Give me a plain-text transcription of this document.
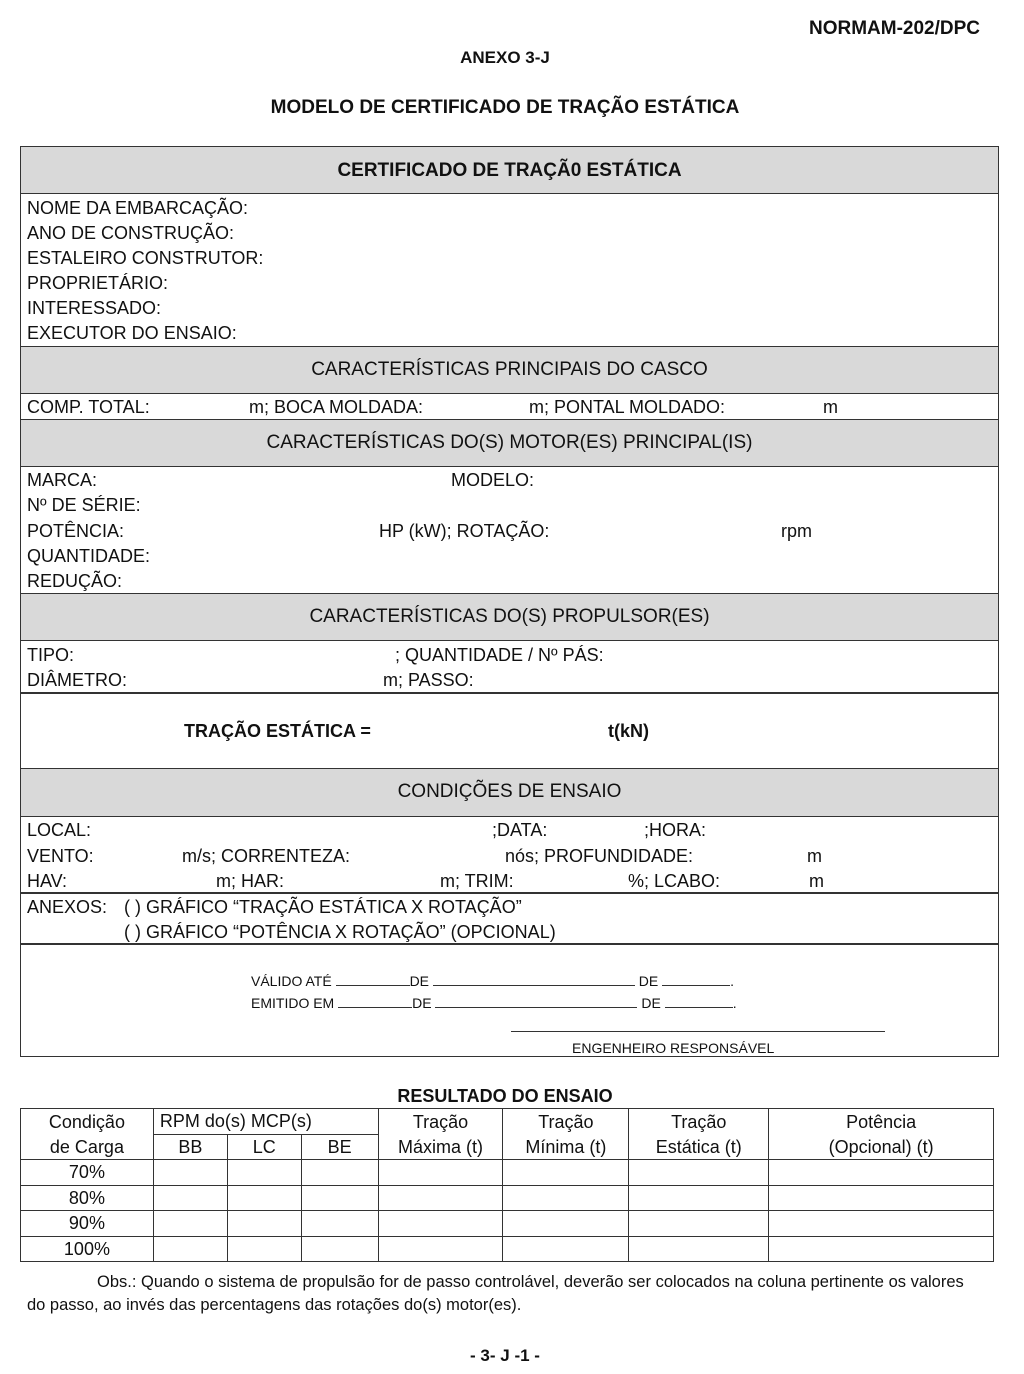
NORMAM-202/DPC
ANEXO 3-J
MODELO DE CERTIFICADO DE TRAÇÃO ESTÁTICA
CERTIFICADO DE TRAÇÃ0 ESTÁTICA
NOME DA EMBARCAÇÃO:
ANO DE CONSTRUÇÃO:
ESTALEIRO CONSTRUTOR:
PROPRIETÁRIO:
INTERESSADO:
EXECUTOR DO ENSAIO:
CARACTERÍSTICAS PRINCIPAIS DO CASCO
COMP. TOTAL:	m; BOCA MOLDADA:	m; PONTAL MOLDADO:	m
CARACTERÍSTICAS DO(S) MOTOR(ES) PRINCIPAL(IS)
MARCA:	MODELO:
Nº DE SÉRIE:
POTÊNCIA:	HP (kW); ROTAÇÃO:	rpm
QUANTIDADE:
REDUÇÃO:
CARACTERÍSTICAS DO(S) PROPULSOR(ES)
TIPO:	; QUANTIDADE / Nº PÁS:
DIÂMETRO:	m; PASSO:
TRAÇÃO ESTÁTICA =	t(kN)
CONDIÇÕES DE ENSAIO
LOCAL:	;DATA:	;HORA:
VENTO:	m/s; CORRENTEZA:	nós; PROFUNDIDADE:	m
HAV:	m; HAR:	m; TRIM:	%; LCABO:	m
ANEXOS: ( ) GRÁFICO “TRAÇÃO ESTÁTICA X ROTAÇÃO”
( ) GRÁFICO “POTÊNCIA X ROTAÇÃO” (OPCIONAL)
VÁLIDO ATÉ	DE	DE	.
EMITIDO EM	DE	DE	.
ENGENHEIRO RESPONSÁVEL
RESULTADO DO ENSAIO
Condição	RPM do(s) MCP(s)			Tração	Tração	Tração	Potência
de Carga	BB	LC	BE	Máxima (t)	Mínima (t)	Estática (t)	(Opcional) (t)
70%							
80%							
90%							
100%							
Obs.: Quando o sistema de propulsão for de passo controlável, deverão ser colocados na coluna pertinente os valores do passo, ao invés das percentagens das rotações do(s) motor(es).
- 3- J -1 -
